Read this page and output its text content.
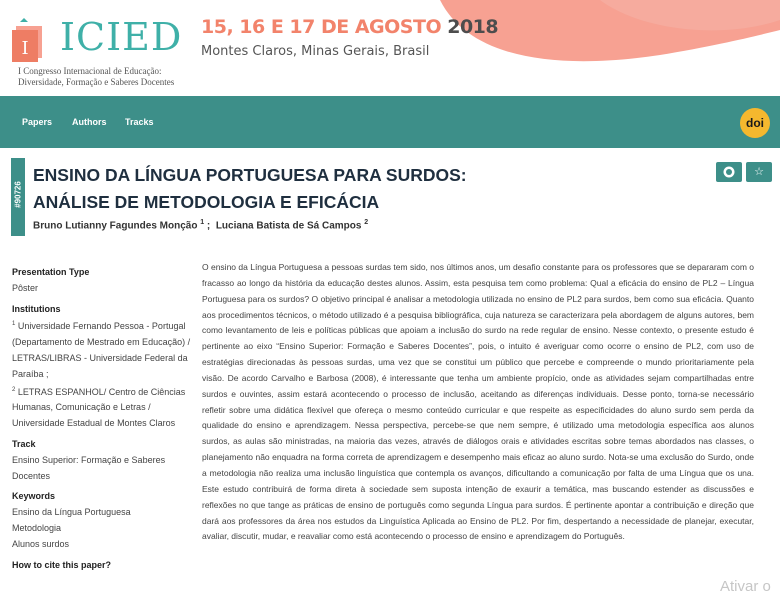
I ICIED
I Congresso Internacional de Educação:
Diversidade, Formação e Saberes Docentes
15, 16 E 17 DE AGOSTO 2018
Montes Claros, Minas Gerais, Brasil
Papers Authors Tracks	doi
#90726
ENSINO DA LÍNGUA PORTUGUESA PARA SURDOS:
ANÁLISE DE METODOLOGIA E EFICÁCIA
Bruno Lutianny Fagundes Monção $^1$ ; Luciana Batista de Sá Campos $^2$
☆
Presentation Type
Pôster
Institutions
$^1$ Universidade Fernando Pessoa - Portugal (Departamento de Mestrado em Educação) / LETRAS/LIBRAS - Universidade Federal da Paraíba ;
$^2$ LETRAS ESPANHOL/ Centro de Ciências Humanas, Comunicação e Letras / Universidade Estadual de Montes Claros
Track
Ensino Superior: Formação e Saberes Docentes
Keywords
Ensino da Língua Portuguesa
Metodologia
Alunos surdos
How to cite this paper?
O ensino da Língua Portuguesa a pessoas surdas tem sido, nos últimos anos, um desafio constante para os professores que se depararam com o fracasso ao longo da história da educação destes alunos. Assim, esta pesquisa tem como problema: Qual a eficácia do ensino de PL2 – Língua Portuguesa para os surdos? O objetivo principal é analisar a metodologia utilizada no ensino de PL2 para surdos, bem como sua eficácia. Quanto aos procedimentos técnicos, o método utilizado é a pesquisa bibliográfica, cuja natureza se caracterizara pela abordagem de alguns autores, bem como levantamento de leis e políticas públicas que apoiam a inclusão do surdo na rede regular de ensino. Nesse contexto, o presente estudo é pertinente ao eixo “Ensino Superior: Formação e Saberes Docentes”, pois, o intuito é averiguar como ocorre o ensino de PL2, com uso de estratégias direcionadas às pessoas surdas, uma vez que se constitui um público que percebe e compreende o mundo prioritariamente pela visão. De acordo Carvalho e Barbosa (2008), é interessante que tenha um ambiente propício, onde as atividades sejam compartilhadas entre surdos e ouvintes, assim estará acontecendo o processo de inclusão, aceitando as diferenças individuais. Desse ponto, torna-se necessário refletir sobre uma didática flexível que ofereça o mesmo conteúdo curricular e que respeite as especificidades do aluno surdo sem perda da qualidade do ensino e aprendizagem. Nessa perspectiva, percebe-se que nem sempre, é utilizado uma metodologia específica aos alunos surdos, as aulas são ministradas, na maioria das vezes, através de diálogos orais e atividades escritas sobre temas abordados nas classes, o planejamento não enquadra na forma correta de aprendizagem e desempenho mais eficaz ao aluno surdo. Nota-se uma exclusão do Surdo, onde a metodologia não realiza uma inclusão linguística que contempla os avanços, dificultando a comunicação por falta de uma Língua que os una. Este estudo contribuirá de forma direta à sociedade sem suposta intenção de exaurir a temática, mas buscando estender as discussões e reflexões no que tange as práticas de ensino de português como segunda Língua para surdos. É pertinente apontar a contribuição e direção que dará aos professores da área nos estudos da Linguística Aplicada ao Ensino de PL2. Por fim, despertando a necessidade de planejar, executar, avaliar, discutir, mudar, e reavaliar como está acontecendo o processo de ensino e aprendizagem do Português.
Ativar o
